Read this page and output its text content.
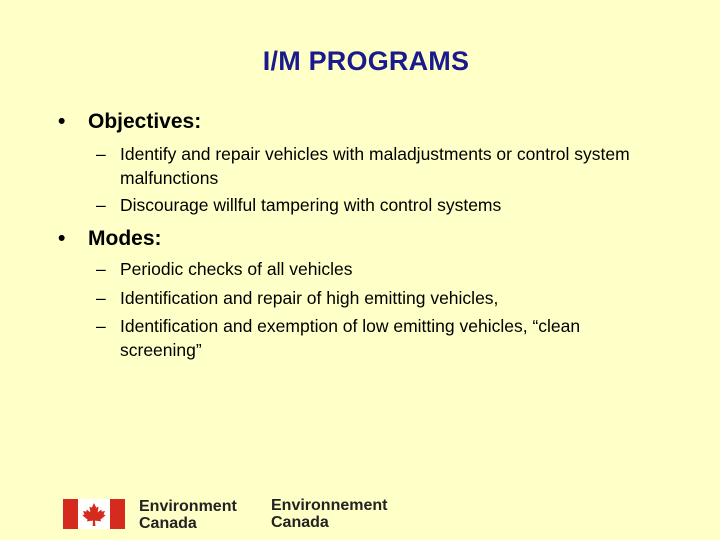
I/M PROGRAMS
• Objectives:
– Identify and repair vehicles with maladjustments or control system malfunctions
– Discourage willful tampering with control systems
• Modes:
– Periodic checks of all vehicles
– Identification and repair of high emitting vehicles,
– Identification and exemption of low emitting vehicles, “clean screening”
Environment
Canada
Environnement
Canada
